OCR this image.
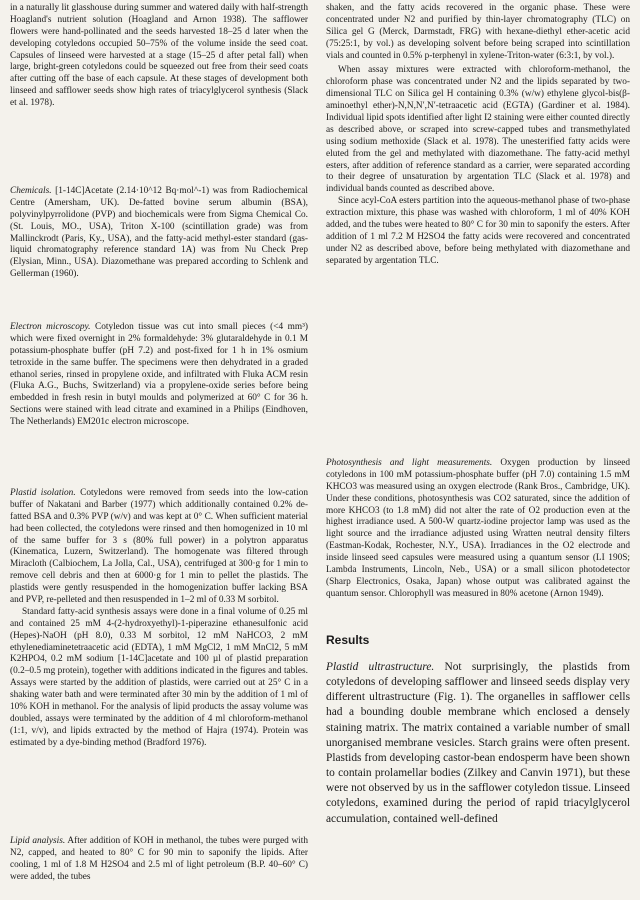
in a naturally lit glasshouse during summer and watered daily with half-strength Hoagland's nutrient solution (Hoagland and Arnon 1938). The safflower flowers were hand-pollinated and the seeds harvested 18–25 d later when the developing cotyledons occupied 50–75% of the volume inside the seed coat. Capsules of linseed were harvested at a stage (15–25 d after petal fall) when large, bright-green cotyledons could be squeezed out free from their seed coats after cutting off the base of each capsule. At these stages of development both linseed and safflower seeds show high rates of triacylglycerol synthesis (Slack et al. 1978).

Chemicals. [1-14C]Acetate (2.14·10^12 Bq·mol^-1) was from Radiochemical Centre (Amersham, UK). De-fatted bovine serum albumin (BSA), polyvinylpyrrolidone (PVP) and biochemicals were from Sigma Chemical Co. (St. Louis, MO., USA), Triton X-100 (scintillation grade) was from Mallinckrodt (Paris, Ky., USA), and the fatty-acid methyl-ester standard (gas-liquid chromatography reference standard 1A) was from Nu Check Prep (Elysian, Minn., USA). Diazomethane was prepared according to Schlenk and Gellerman (1960).

Electron microscopy. Cotyledon tissue was cut into small pieces (<4 mm³) which were fixed overnight in 2% formaldehyde: 3% glutaraldehyde in 0.1 M potassium-phosphate buffer (pH 7.2) and post-fixed for 1 h in 1% osmium tetroxide in the same buffer. The specimens were then dehydrated in a graded ethanol series, rinsed in propylene oxide, and infiltrated with Fluka ACM resin (Fluka A.G., Buchs, Switzerland) via a propylene-oxide series before being embedded in fresh resin in butyl moulds and polymerized at 60° C for 36 h. Sections were stained with lead citrate and examined in a Philips (Eindhoven, The Netherlands) EM201c electron microscope.

Plastid isolation. Cotyledons were removed from seeds into the low-cation buffer of Nakatani and Barber (1977) which additionally contained 0.2% de-fatted BSA and 0.3% PVP (w/v) and was kept at 0° C. When sufficient material had been collected, the cotyledons were rinsed and then homogenized in 10 ml of the same buffer for 3 s (80% full power) in a polytron apparatus (Kinematica, Luzern, Switzerland). The homogenate was filtered through Miracloth (Calbiochem, La Jolla, Cal., USA), centrifuged at 300·g for 1 min to remove cell debris and then at 6000·g for 1 min to pellet the plastids. The plastids were gently resuspended in the homogenization buffer lacking BSA and PVP, re-pelleted and then resuspended in 1–2 ml of 0.33 M sorbitol.

Standard fatty-acid synthesis assays were done in a final volume of 0.25 ml and contained 25 mM 4-(2-hydroxyethyl)-1-piperazine ethanesulfonic acid (Hepes)-NaOH (pH 8.0), 0.33 M sorbitol, 12 mM NaHCO3, 2 mM ethylenediaminetetraacetic acid (EDTA), 1 mM MgCl2, 1 mM MnCl2, 5 mM K2HPO4, 0.2 mM sodium [1-14C]acetate and 100 µl of plastid preparation (0.2–0.5 mg protein), together with additions indicated in the figures and tables. Assays were started by the addition of plastids, were carried out at 25° C in a shaking water bath and were terminated after 30 min by the addition of 1 ml of 10% KOH in methanol. For the analysis of lipid products the assay volume was doubled, assays were terminated by the addition of 4 ml chloroform-methanol (1:1, v/v), and lipids extracted by the method of Hajra (1974). Protein was estimated by a dye-binding method (Bradford 1976).

Lipid analysis. After addition of KOH in methanol, the tubes were purged with N2, capped, and heated to 80° C for 90 min to saponify the lipids. After cooling, 1 ml of 1.8 M H2SO4 and 2.5 ml of light petroleum (B.P. 40–60° C) were added, the tubes

shaken, and the fatty acids recovered in the organic phase. These were concentrated under N2 and purified by thin-layer chromatography (TLC) on Silica gel G (Merck, Darmstadt, FRG) with hexane-diethyl ether-acetic acid (75:25:1, by vol.) as developing solvent before being scraped into scintillation vials and counted in 0.5% p-terphenyl in xylene-Triton-water (6:3:1, by vol.).

When assay mixtures were extracted with chloroform-methanol, the chloroform phase was concentrated under N2 and the lipids separated by two-dimensional TLC on Silica gel H containing 0.3% (w/w) ethylene glycol-bis(β-aminoethyl ether)-N,N,N′,N′-tetraacetic acid (EGTA) (Gardiner et al. 1984). Individual lipid spots identified after light I2 staining were either counted directly as described above, or scraped into screw-capped tubes and transmethylated using sodium methoxide (Slack et al. 1978). The unesterified fatty acids were eluted from the gel and methylated with diazomethane. The fatty-acid methyl esters, after addition of reference standard as a carrier, were separated according to their degree of unsaturation by argentation TLC (Slack et al. 1978) and individual bands counted as described above.

Since acyl-CoA esters partition into the aqueous-methanol phase of two-phase extraction mixture, this phase was washed with chloroform, 1 ml of 40% KOH added, and the tubes were heated to 80° C for 30 min to saponify the esters. After addition of 1 ml 7.2 M H2SO4 the fatty acids were recovered and concentrated under N2 as described above, before being methylated with diazomethane and separated by argentation TLC.

Photosynthesis and light measurements. Oxygen production by linseed cotyledons in 100 mM potassium-phosphate buffer (pH 7.0) containing 1.5 mM KHCO3 was measured using an oxygen electrode (Rank Bros., Cambridge, UK). Under these conditions, photosynthesis was CO2 saturated, since the addition of more KHCO3 (to 1.8 mM) did not alter the rate of O2 production even at the highest irradiance used. A 500-W quartz-iodine projector lamp was used as the light source and the irradiance adjusted using Wratten neutral density filters (Eastman-Kodak, Rochester, N.Y., USA). Irradiances in the O2 electrode and inside linseed seed capsules were measured using a quantum sensor (LI 190S; Lambda Instruments, Lincoln, Neb., USA) or a small silicon photodetector (Sharp Electronics, Osaka, Japan) whose output was calibrated against the quantum sensor. Chlorophyll was measured in 80% acetone (Arnon 1949).

Results

Plastid ultrastructure. Not surprisingly, the plastids from cotyledons of developing safflower and linseed seeds display very different ultrastructure (Fig. 1). The organelles in safflower cells had a bounding double membrane which enclosed a densely staining matrix. The matrix contained a variable number of small unorganised membrane vesicles. Starch grains were often present. Plastids from developing castor-bean endosperm have been shown to contain prolamellar bodies (Zilkey and Canvin 1971), but these were not observed by us in the safflower cotyledon tissue. Linseed cotyledons, examined during the period of rapid triacylglycerol accumulation, contained well-defined
